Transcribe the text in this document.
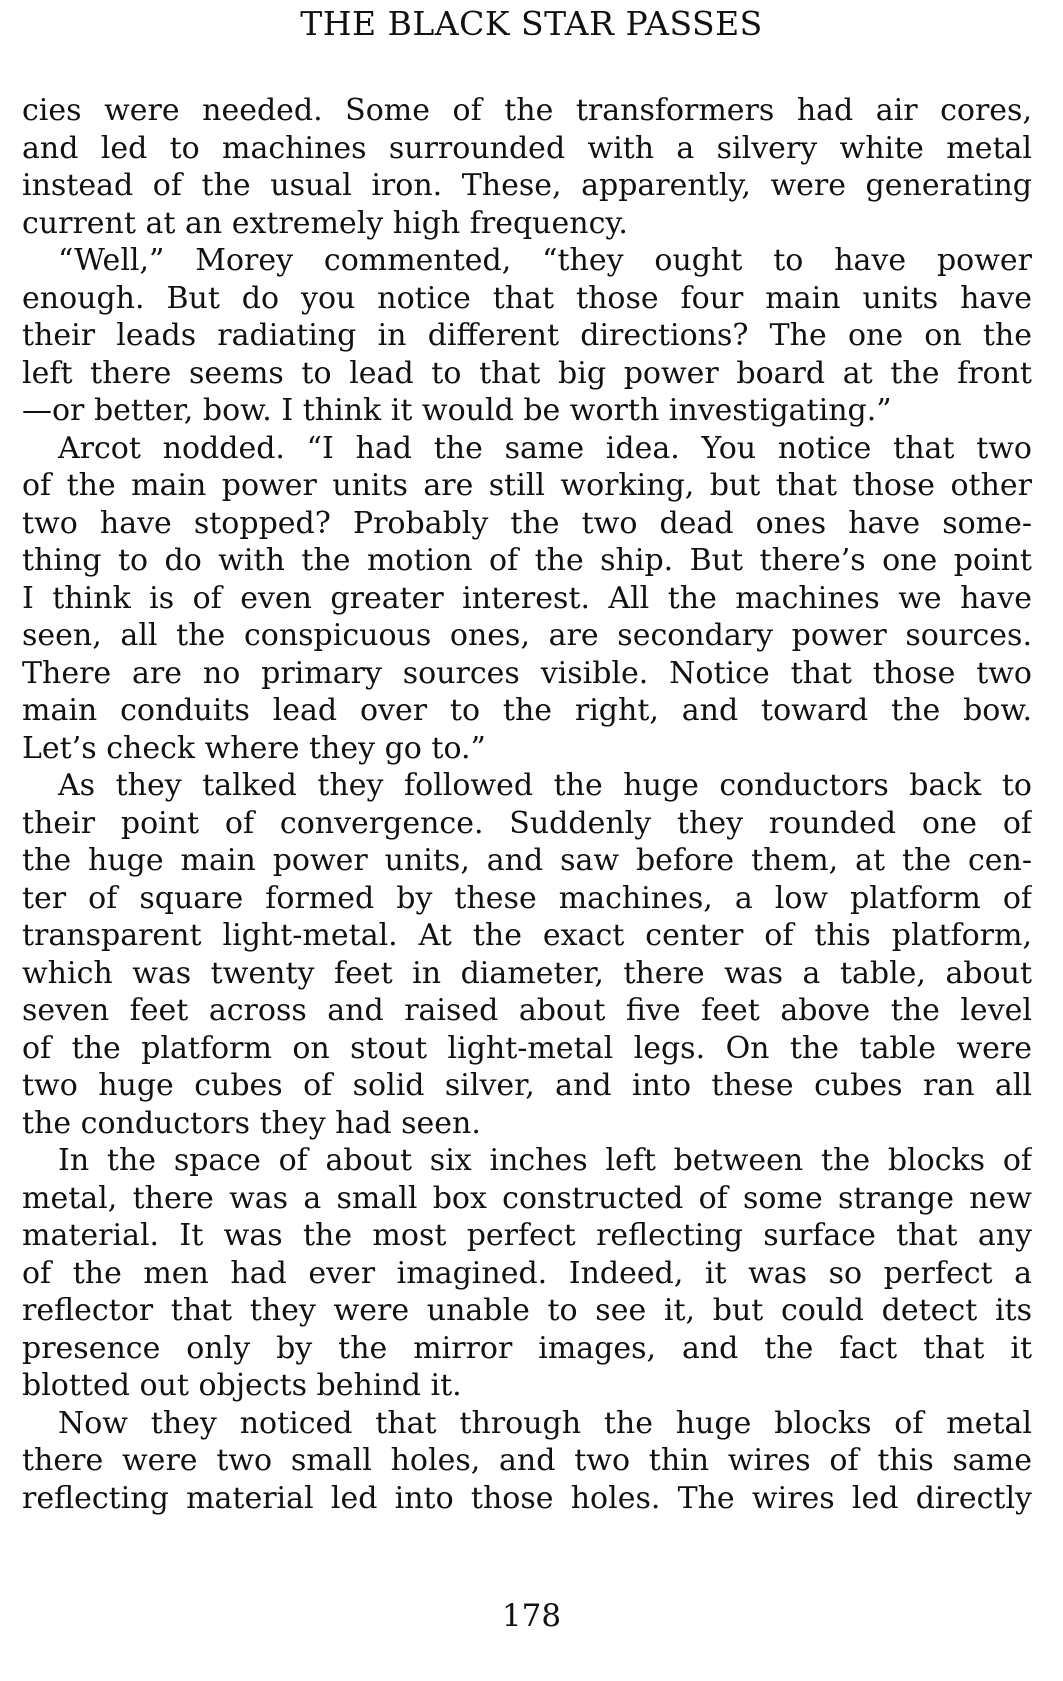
THE BLACK STAR PASSES
cies were needed. Some of the transformers had air cores,
and led to machines surrounded with a silvery white metal
instead of the usual iron. These, apparently, were generating
current at an extremely high frequency.
“Well,” Morey commented, “they ought to have power
enough. But do you notice that those four main units have
their leads radiating in different directions? The one on the
left there seems to lead to that big power board at the front
—or better, bow. I think it would be worth investigating.”
Arcot nodded. “I had the same idea. You notice that two
of the main power units are still working, but that those other
two have stopped? Probably the two dead ones have some-
thing to do with the motion of the ship. But there’s one point
I think is of even greater interest. All the machines we have
seen, all the conspicuous ones, are secondary power sources.
There are no primary sources visible. Notice that those two
main conduits lead over to the right, and toward the bow.
Let’s check where they go to.”
As they talked they followed the huge conductors back to
their point of convergence. Suddenly they rounded one of
the huge main power units, and saw before them, at the cen-
ter of square formed by these machines, a low platform of
transparent light-metal. At the exact center of this platform,
which was twenty feet in diameter, there was a table, about
seven feet across and raised about five feet above the level
of the platform on stout light-metal legs. On the table were
two huge cubes of solid silver, and into these cubes ran all
the conductors they had seen.
In the space of about six inches left between the blocks of
metal, there was a small box constructed of some strange new
material. It was the most perfect reflecting surface that any
of the men had ever imagined. Indeed, it was so perfect a
reflector that they were unable to see it, but could detect its
presence only by the mirror images, and the fact that it
blotted out objects behind it.
Now they noticed that through the huge blocks of metal
there were two small holes, and two thin wires of this same
reflecting material led into those holes. The wires led directly
178
